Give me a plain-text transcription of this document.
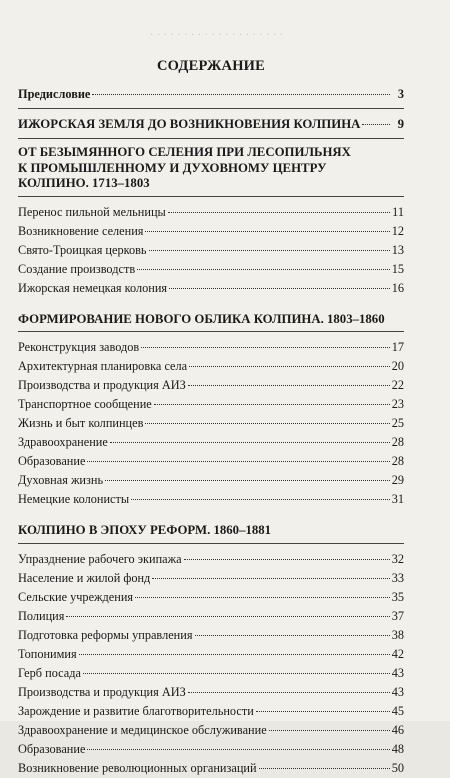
· · · · · · · · · · · · · · · · · · · ·
СОДЕРЖАНИЕ
Предисловие	3
ИЖОРСКАЯ ЗЕМЛЯ ДО ВОЗНИКНОВЕНИЯ КОЛПИНА	9
ОТ БЕЗЫМЯННОГО СЕЛЕНИЯ ПРИ ЛЕСОПИЛЬНЯХ
К ПРОМЫШЛЕННОМУ И ДУХОВНОМУ ЦЕНТРУ
КОЛПИНО. 1713–1803
Перенос пильной мельницы	11
Возникновение селения	12
Свято-Троицкая церковь	13
Создание производств	15
Ижорская немецкая колония	16
ФОРМИРОВАНИЕ НОВОГО ОБЛИКА КОЛПИНА. 1803–1860
Реконструкция заводов	17
Архитектурная планировка села	20
Производства и продукция АИЗ	22
Транспортное сообщение	23
Жизнь и быт колпинцев	25
Здравоохранение	28
Образование	28
Духовная жизнь	29
Немецкие колонисты	31
КОЛПИНО В ЭПОХУ РЕФОРМ. 1860–1881
Упразднение рабочего экипажа	32
Население и жилой фонд	33
Сельские учреждения	35
Полиция	37
Подготовка реформы управления	38
Топонимия	42
Герб посада	43
Производства и продукция АИЗ	43
Зарождение и развитие благотворительности	45
Здравоохранение и медицинское обслуживание	46
Образование	48
Возникновение революционных организаций	50
